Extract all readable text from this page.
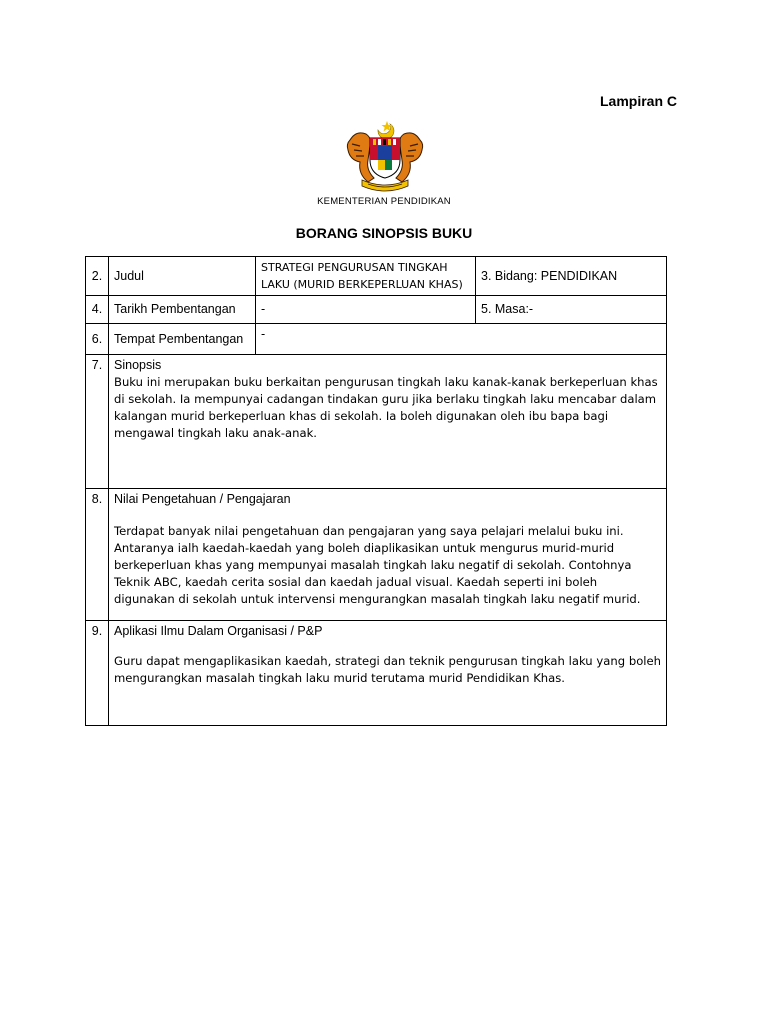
Lampiran C
KEMENTERIAN PENDIDIKAN
BORANG SINOPSIS BUKU
2.	Judul	STRATEGI PENGURUSAN TINGKAH LAKU (MURID BERKEPERLUAN KHAS)	3. Bidang: PENDIDIKAN
4.	Tarikh Pembentangan	-	5. Masa:-
6.	Tempat Pembentangan	-	
7.	Sinopsis
Buku ini merupakan buku berkaitan pengurusan tingkah laku kanak-kanak berkeperluan khas di sekolah. Ia mempunyai cadangan tindakan guru jika berlaku tingkah laku mencabar dalam kalangan murid berkeperluan khas di sekolah. Ia boleh digunakan oleh ibu bapa bagi mengawal tingkah laku anak-anak.		

8.	Nilai Pengetahuan / Pengajaran
Terdapat banyak nilai pengetahuan dan pengajaran yang saya pelajari melalui buku ini. Antaranya ialh kaedah-kaedah yang boleh diaplikasikan untuk mengurus murid-murid berkeperluan khas yang mempunyai masalah tingkah laku negatif di sekolah. Contohnya Teknik ABC, kaedah cerita sosial dan kaedah jadual visual. Kaedah seperti ini boleh digunakan di sekolah untuk intervensi mengurangkan masalah tingkah laku negatif murid.		

9.	Aplikasi Ilmu Dalam Organisasi / P&P
Guru dapat mengaplikasikan kaedah, strategi dan teknik pengurusan tingkah laku yang boleh mengurangkan masalah tingkah laku murid terutama murid Pendidikan Khas.		
